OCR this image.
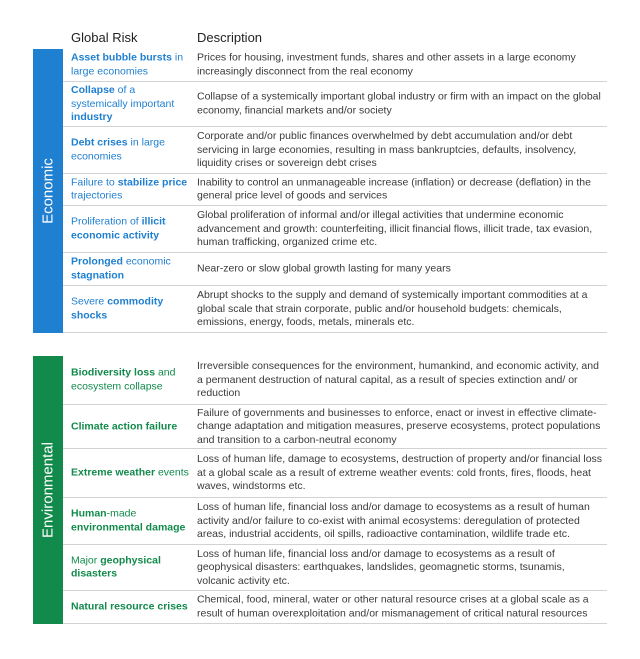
Global Risk	Description
Economic
Asset bubble bursts in large economies
Prices for housing, investment funds, shares and other assets in a large economy increasingly disconnect from the real economy
Collapse of a systemically important industry
Collapse of a systemically important global industry or firm with an impact on the global economy, financial markets and/or society
Debt crises in large economies
Corporate and/or public finances overwhelmed by debt accumulation and/or debt servicing in large economies, resulting in mass bankruptcies, defaults, insolvency, liquidity crises or sovereign debt crises
Failure to stabilize price trajectories
Inability to control an unmanageable increase (inflation) or decrease (deflation) in the general price level of goods and services
Proliferation of illicit economic activity
Global proliferation of informal and/or illegal activities that undermine economic advancement and growth: counterfeiting, illicit financial flows, illicit trade, tax evasion, human trafficking, organized crime etc.
Prolonged economic stagnation
Near-zero or slow global growth lasting for many years
Severe commodity shocks
Abrupt shocks to the supply and demand of systemically important commodities at a global scale that strain corporate, public and/or household budgets: chemicals, emissions, energy, foods, metals, minerals etc.
Environmental
Biodiversity loss and ecosystem collapse
Irreversible consequences for the environment, humankind, and economic activity, and a permanent destruction of natural capital, as a result of species extinction and/ or reduction
Climate action failure
Failure of governments and businesses to enforce, enact or invest in effective climate-change adaptation and mitigation measures, preserve ecosystems, protect populations and transition to a carbon-neutral economy
Extreme weather events
Loss of human life, damage to ecosystems, destruction of property and/or financial loss at a global scale as a result of extreme weather events: cold fronts, fires, floods, heat waves, windstorms etc.
Human-made environmental damage
Loss of human life, financial loss and/or damage to ecosystems as a result of human activity and/or failure to co-exist with animal ecosystems: deregulation of protected areas, industrial accidents, oil spills, radioactive contamination, wildlife trade etc.
Major geophysical disasters
Loss of human life, financial loss and/or damage to ecosystems as a result of geophysical disasters: earthquakes, landslides, geomagnetic storms, tsunamis, volcanic activity etc.
Natural resource crises
Chemical, food, mineral, water or other natural resource crises at a global scale as a result of human overexploitation and/or mismanagement of critical natural resources
